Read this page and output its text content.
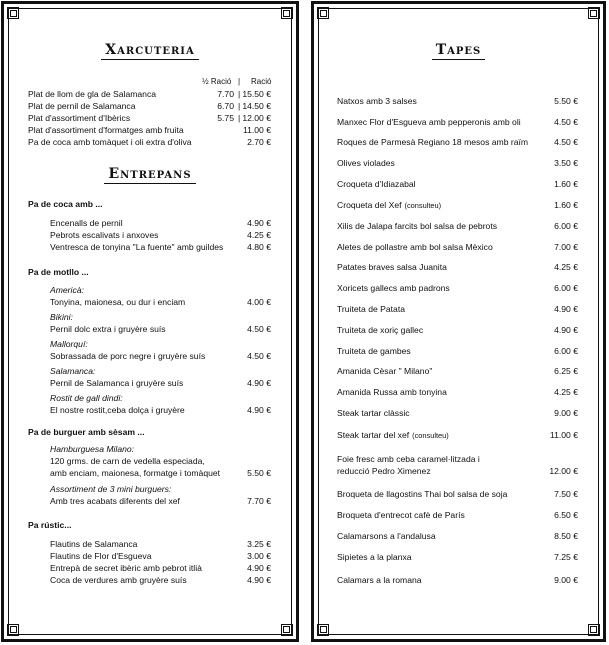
Xarcuteria
½ Ració | Ració
Plat de llom de gla de Salamanca	7.70 | 15.50 €
Plat de pernil de Salamanca	6.70 | 14.50 €
Plat d'assortiment d'Ibèrics	5.75 | 12.00 €
Plat d'assortiment d'formatges amb fruita	11.00 €
Pa de coca amb tomàquet i oli extra d'oliva	2.70 €
Entrepans
Pa de coca amb ...
Encenalls de pernil	4.90 €
Pebrots escalivats i anxoves	4.25 €
Ventresca de tonyina "La fuente" amb guildes	4.80 €
Pa de motllo ...
Americà:
Tonyina, maionesa, ou dur i enciam	4.00 €
Bikini:
Pernil dolc extra i gruyère suís	4.50 €
Mallorquí:
Sobrassada de porc negre i gruyère suís	4.50 €
Salamanca:
Pernil de Salamanca i gruyère suís	4.90 €
Rostit de gall dindi:
El nostre rostit,ceba dolça i gruyère	4.90 €
Pa de burguer amb sèsam ...
Hamburguesa Milano:
120 grms. de carn de vedella especiada,
amb enciam, maionesa, formatge i tomàquet	5.50 €
Assortiment de 3 mini burguers:
Amb tres acabats diferents del xef	7.70 €
Pa rústic...
Flautins de Salamanca	3.25 €
Flautins de Flor d'Esgueva	3.00 €
Entrepà de secret ibèric amb pebrot itlià	4.90 €
Coca de verdures amb gruyère suís	4.90 €
Tapes
Natxos amb 3 salses	5.50 €
Manxec Flor d'Esgueva amb pepperonis amb oli	4.50 €
Roques de Parmesà Regiano 18 mesos amb raïm	4.50 €
Olives violades	3.50 €
Croqueta d'Idiazabal	1.60 €
Croqueta del Xef (consulteu)	1.60 €
Xilis de Jalapa farcits bol salsa de pebrots	6.00 €
Aletes de pollastre amb bol salsa Mèxico	7.00 €
Patates braves salsa Juanita	4.25 €
Xoricets gallecs amb padrons	6.00 €
Truiteta de Patata	4.90 €
Truiteta de xoriç gallec	4.90 €
Truiteta de gambes	6.00 €
Amanida Cèsar " Milano"	6.25 €
Amanida Russa amb tonyina	4.25 €
Steak tartar clàssic	9.00 €
Steak tartar del xef (consulteu)	11.00 €
Foie fresc amb ceba caramel·litzada i
reducció Pedro Ximenez	12.00 €
Broqueta de llagostins Thai bol salsa de soja	7.50 €
Broqueta d'entrecot cafè de París	6.50 €
Calamarsons a l'andalusa	8.50 €
Sipietes a la planxa	7.25 €
Calamars a la romana	9.00 €
